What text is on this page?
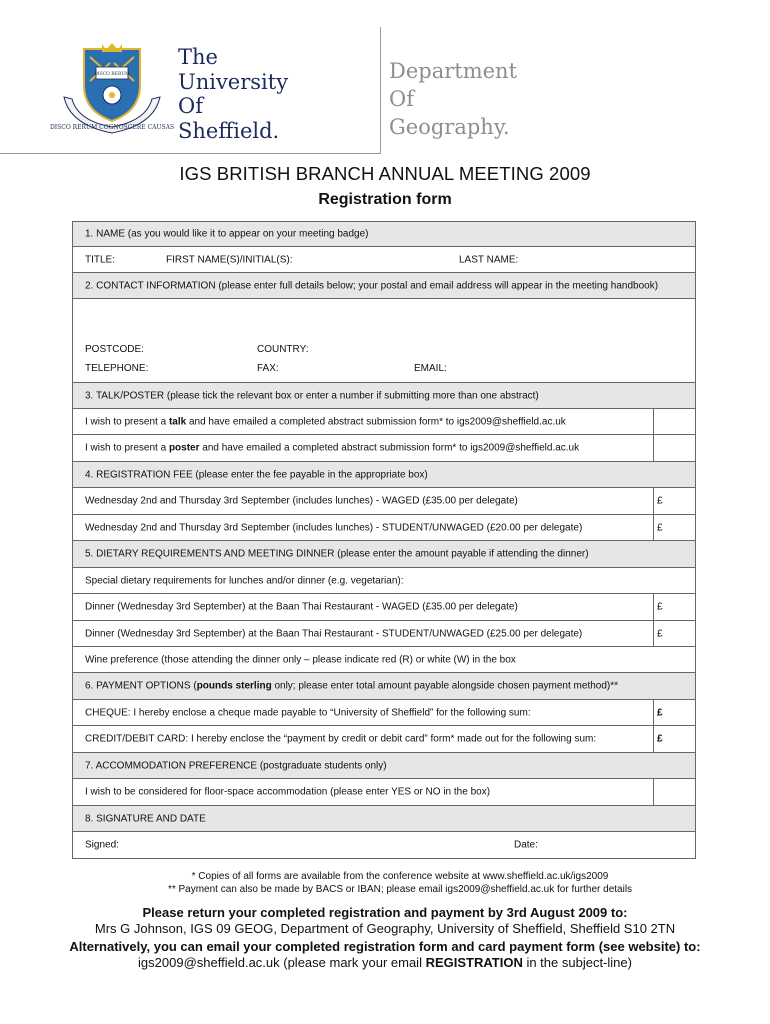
DISCO RERUM COGNOSCERE CAUSAS
DISCO RERUM
The
University
Of
Sheffield.
Department
Of
Geography.
IGS BRITISH BRANCH ANNUAL MEETING 2009
Registration form
1. NAME (as you would like it to appear on your meeting badge)
TITLE:	FIRST NAME(S)/INITIAL(S):	LAST NAME:
2. CONTACT INFORMATION (please enter full details below; your postal and email address will appear in the meeting handbook)
POSTCODE:	COUNTRY:
TELEPHONE:	FAX:	EMAIL:
3. TALK/POSTER (please tick the relevant box or enter a number if submitting more than one abstract)
I wish to present a talk and have emailed a completed abstract submission form* to igs2009@sheffield.ac.uk
I wish to present a poster and have emailed a completed abstract submission form* to igs2009@sheffield.ac.uk
4. REGISTRATION FEE (please enter the fee payable in the appropriate box)
Wednesday 2nd and Thursday 3rd September (includes lunches) - WAGED (£35.00 per delegate)	£
Wednesday 2nd and Thursday 3rd September (includes lunches) - STUDENT/UNWAGED (£20.00 per delegate)	£
5. DIETARY REQUIREMENTS AND MEETING DINNER (please enter the amount payable if attending the dinner)
Special dietary requirements for lunches and/or dinner (e.g. vegetarian):
Dinner (Wednesday 3rd September) at the Baan Thai Restaurant - WAGED (£35.00 per delegate)	£
Dinner (Wednesday 3rd September) at the Baan Thai Restaurant - STUDENT/UNWAGED (£25.00 per delegate)	£
Wine preference (those attending the dinner only – please indicate red (R) or white (W) in the box
6. PAYMENT OPTIONS (pounds sterling only; please enter total amount payable alongside chosen payment method)**
CHEQUE: I hereby enclose a cheque made payable to “University of Sheffield” for the following sum:	£
CREDIT/DEBIT CARD: I hereby enclose the “payment by credit or debit card” form* made out for the following sum:	£
7. ACCOMMODATION PREFERENCE (postgraduate students only)
I wish to be considered for floor-space accommodation (please enter YES or NO in the box)
8. SIGNATURE AND DATE
Signed:	Date:
* Copies of all forms are available from the conference website at www.sheffield.ac.uk/igs2009
** Payment can also be made by BACS or IBAN; please email igs2009@sheffield.ac.uk for further details
Please return your completed registration and payment by 3rd August 2009 to:
Mrs G Johnson, IGS 09 GEOG, Department of Geography, University of Sheffield, Sheffield S10 2TN
Alternatively, you can email your completed registration form and card payment form (see website) to:
igs2009@sheffield.ac.uk (please mark your email REGISTRATION in the subject-line)
